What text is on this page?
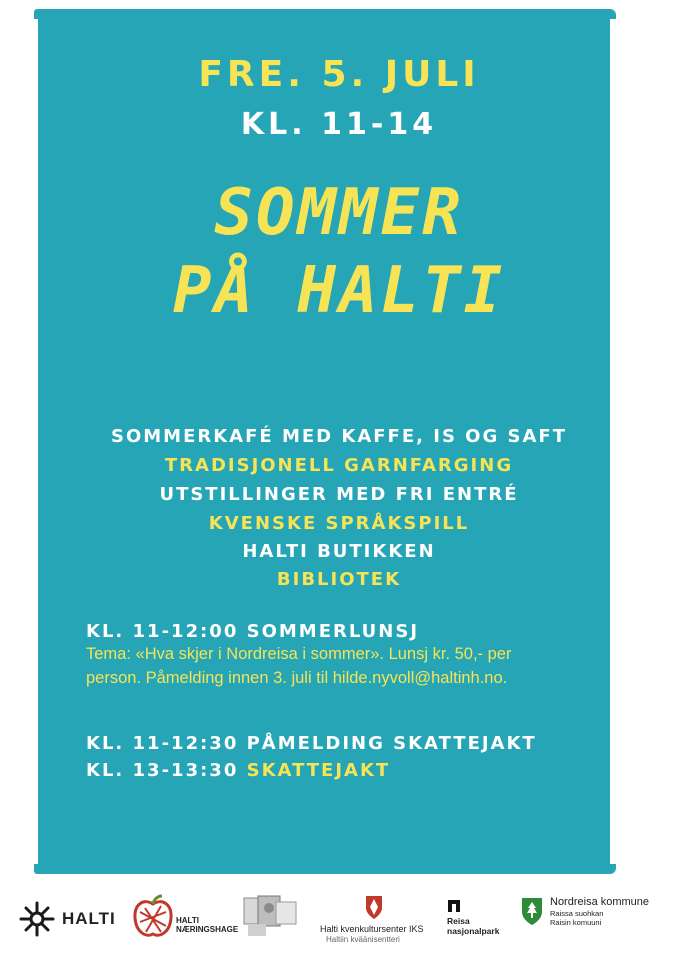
FRE. 5. JULI
KL. 11-14
SOMMER
PÅ HALTI
SOMMERKAFÉ MED KAFFE, IS OG SAFT
TRADISJONELL GARNFARGING
UTSTILLINGER MED FRI ENTRÉ
KVENSKE SPRÅKSPILL
HALTI BUTIKKEN
BIBLIOTEK
KL. 11-12:00 SOMMERLUNSJ
Tema: «Hva skjer i Nordreisa i sommer». Lunsj kr. 50,- per
person. Påmelding innen 3. juli til hilde.nyvoll@haltinh.no.
KL. 11-12:30 PÅMELDING SKATTEJAKT
KL. 13-13:30 SKATTEJAKT
HALTI	HALTI
NÆRINGSHAGE	Halti kvenkultursenter IKS
Haltiin kväänisentteri
Reisa
nasjonalpark
Nordreisa kommune
Raissa suohkan
Raisin komuuni
